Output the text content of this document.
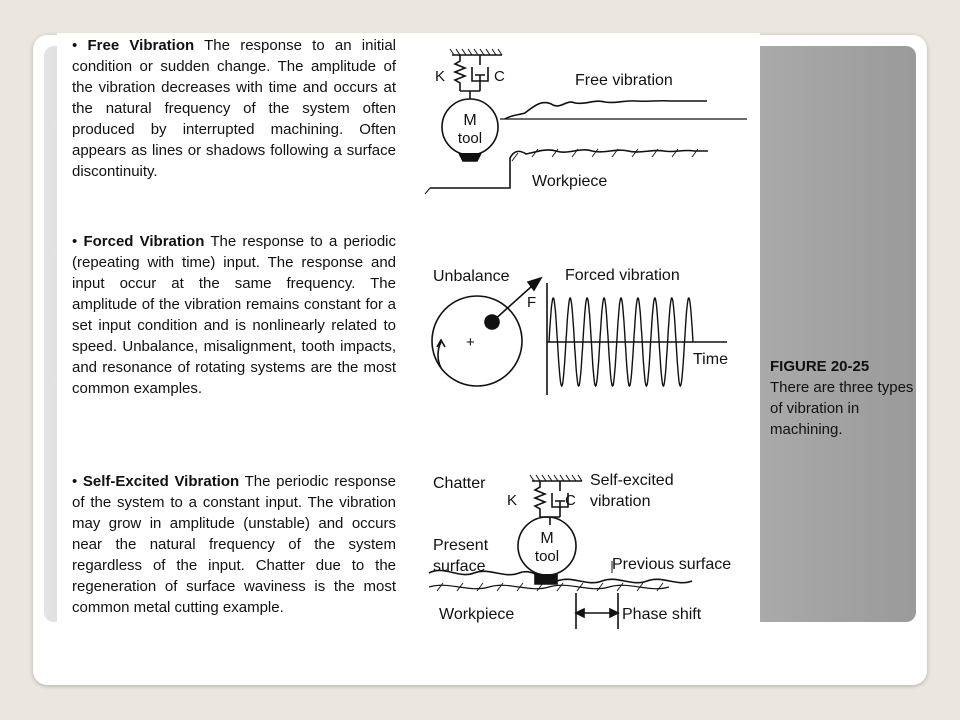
• Free Vibration The response to an initial condition or sudden change. The amplitude of the vibration decreases with time and occurs at the natural frequency of the system often produced by interrupted machining. Often appears as lines or shadows following a surface discontinuity.

• Forced Vibration The response to a periodic (repeating with time) input. The response and input occur at the same frequency. The amplitude of the vibration remains constant for a set input condition and is nonlinearly related to speed. Unbalance, misalignment, tooth impacts, and resonance of rotating systems are the most common examples.

• Self-Excited Vibration The periodic response of the system to a constant input. The vibration may grow in amplitude (unstable) and occurs near the natural frequency of the system regardless of the input. Chatter due to the regeneration of surface waviness is the most common metal cutting example.

K	C
M
tool
Free vibration
Workpiece
Unbalance
F
+
Forced vibration
Time
Chatter
K	C
M
tool
Self-excited
vibration
Present
surface	Previous surface
Workpiece	Phase shift
FIGURE 20-25
There are three types of vibration in machining.
